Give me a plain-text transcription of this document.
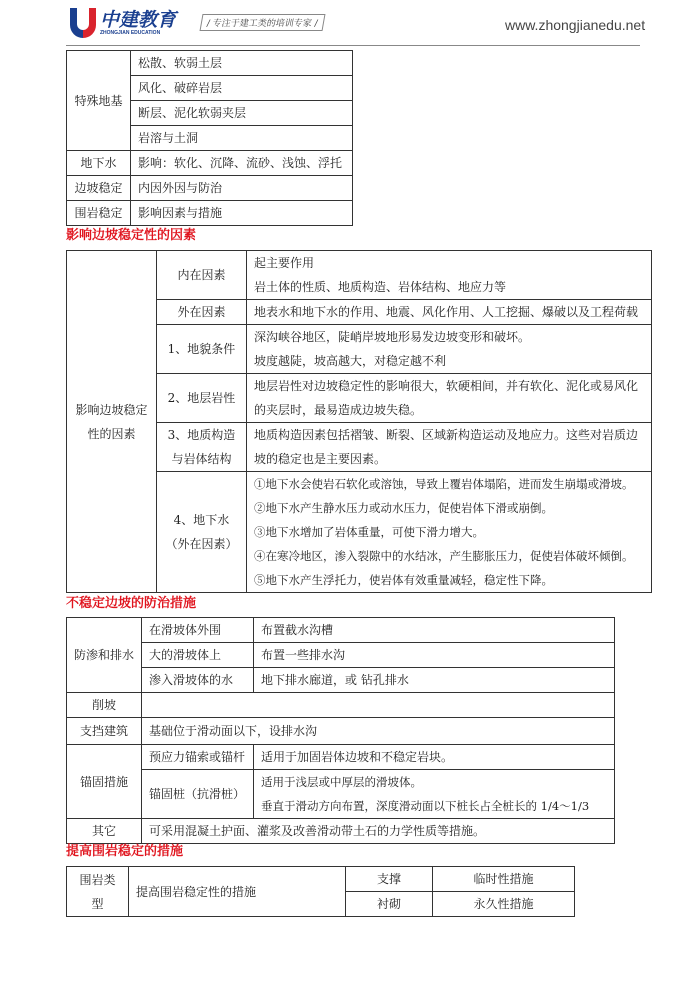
中建教育
ZHONGJIAN EDUCATION
/ 专注于建工类的培训专家 /	www.zhongjianedu.net
特殊地基	松散、软弱土层
	风化、破碎岩层
	断层、泥化软弱夹层
	岩溶与土洞
地下水	影响：软化、沉降、流砂、浅蚀、浮托
边坡稳定	内因外因与防治
围岩稳定	影响因素与措施
影响边坡稳定性的因素
影响边坡稳定性的因素	内在因素	起主要作用
岩土体的性质、地质构造、岩体结构、地应力等

	外在因素	地表水和地下水的作用、地震、风化作用、人工挖掘、爆破以及工程荷载

	1、地貌条件	深沟峡谷地区，陡峭岸坡地形易发边坡变形和破坏。
坡度越陡，坡高越大，对稳定越不利

	2、地层岩性	地层岩性对边坡稳定性的影响很大，软硬相间，并有软化、泥化或易风化的夹层时，最易造成边坡失稳。

	3、地质构造与岩体结构	地质构造因素包括褶皱、断裂、区域新构造运动及地应力。这些对岩质边坡的稳定也是主要因素。

	4、地下水（外在因素）	①地下水会使岩石软化或溶蚀，导致上覆岩体塌陷，进而发生崩塌或滑坡。
②地下水产生静水压力或动水压力，促使岩体下滑或崩倒。
③地下水增加了岩体重量，可使下滑力增大。
④在寒冷地区，渗入裂隙中的水结冰，产生膨胀压力，促使岩体破坏倾倒。
⑤地下水产生浮托力，使岩体有效重量减轻，稳定性下降。
不稳定边坡的防治措施
防渗和排水	在滑坡体外围	布置截水沟槽
	大的滑坡体上	布置一些排水沟
	渗入滑坡体的水	地下排水廊道，或 钻孔排水
削坡		
支挡建筑	基础位于滑动面以下，设排水沟	
锚固措施	预应力锚索或锚杆	适用于加固岩体边坡和不稳定岩块。
	锚固桩（抗滑桩）	适用于浅层或中厚层的滑坡体。
垂直于滑动方向布置，深度滑动面以下桩长占全桩长的 1/4～1/3

其它	可采用混凝土护面、灌浆及改善滑动带土石的力学性质等措施。	
提高围岩稳定的措施
围岩类型	提高围岩稳定性的措施	支撑	临时性措施
		衬砌	永久性措施
